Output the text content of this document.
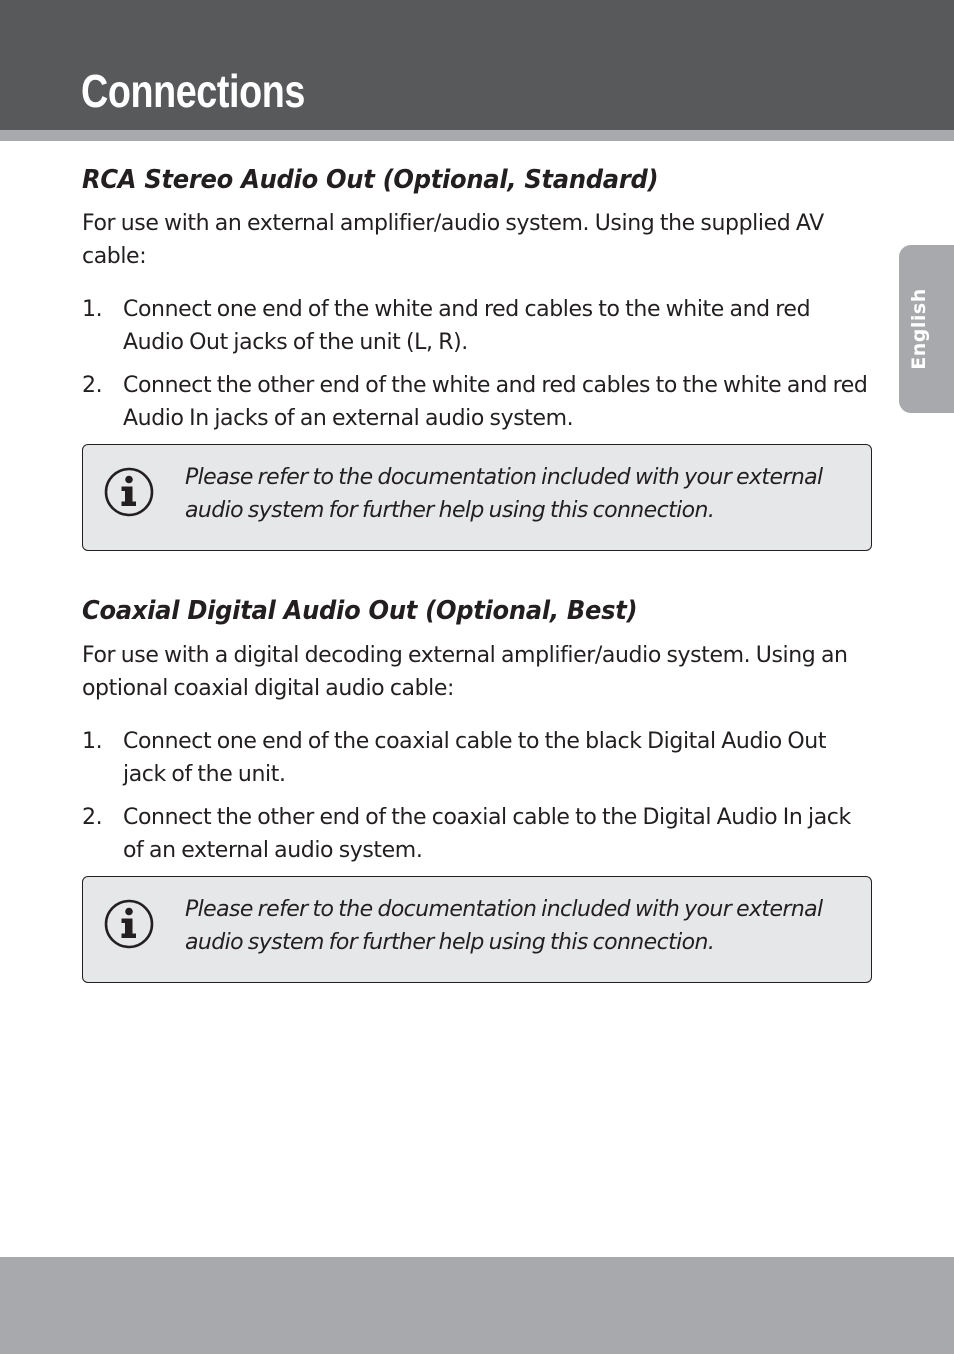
Connections
English
RCA Stereo Audio Out (Optional, Standard)

For use with an external amplifier/audio system. Using the supplied AV cable:

1. Connect one end of the white and red cables to the white and red Audio Out jacks of the unit (L, R).
2. Connect the other end of the white and red cables to the white and red Audio In jacks of an external audio system.

Please refer to the documentation included with your external audio system for further help using this connection.

Coaxial Digital Audio Out (Optional, Best)

For use with a digital decoding external amplifier/audio system. Using an optional coaxial digital audio cable:

1. Connect one end of the coaxial cable to the black Digital Audio Out jack of the unit.
2. Connect the other end of the coaxial cable to the Digital Audio In jack of an external audio system.

Please refer to the documentation included with your external audio system for further help using this connection.
